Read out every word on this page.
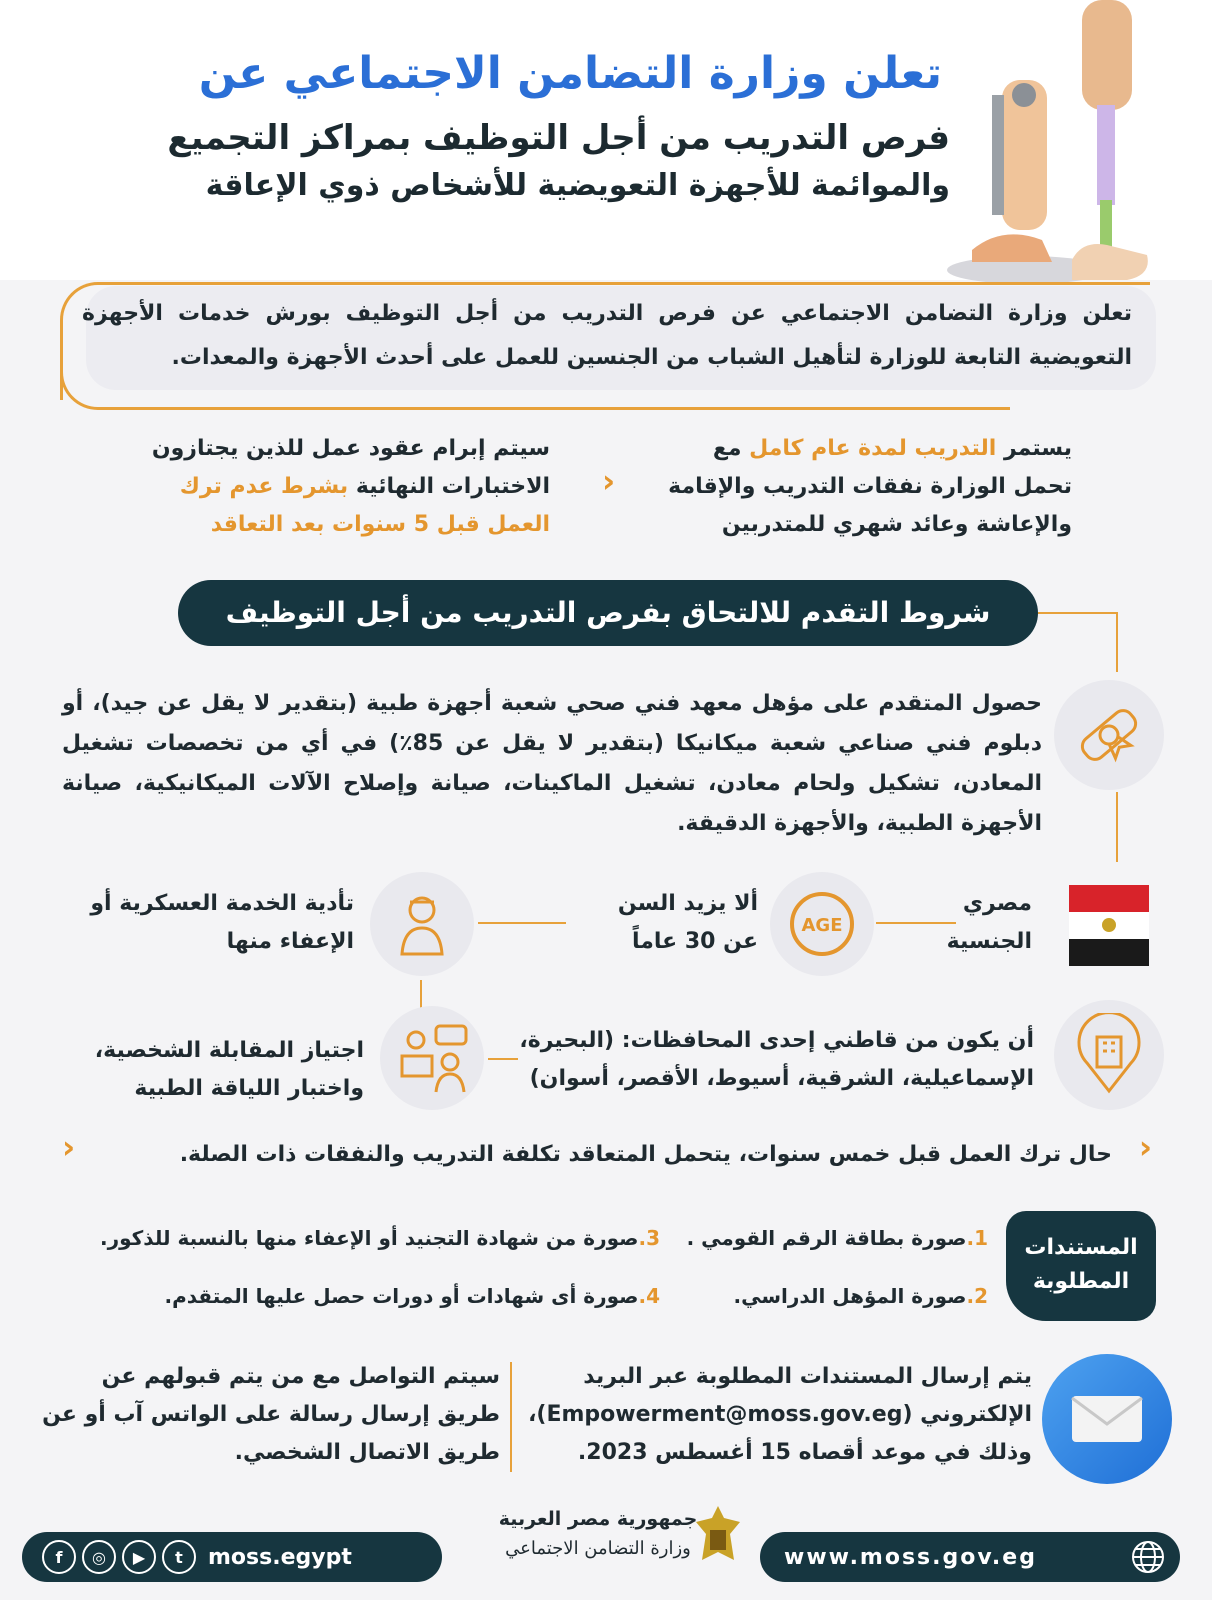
تعلن وزارة التضامن الاجتماعي عن
فرص التدريب من أجل التوظيف بمراكز التجميع
والموائمة للأجهزة التعويضية للأشخاص ذوي الإعاقة
تعلن وزارة التضامن الاجتماعي عن فرص التدريب من أجل التوظيف بورش خدمات الأجهزة التعويضية التابعة للوزارة لتأهيل الشباب من الجنسين للعمل على أحدث الأجهزة والمعدات.
يستمر التدريب لمدة عام كامل مع تحمل الوزارة نفقات التدريب والإقامة والإعاشة وعائد شهري للمتدربين
‹
سيتم إبرام عقود عمل للذين يجتازون الاختبارات النهائية بشرط عدم ترك العمل قبل 5 سنوات بعد التعاقد
شروط التقدم للالتحاق بفرص التدريب من أجل التوظيف
حصول المتقدم على مؤهل معهد فني صحي شعبة أجهزة طبية (بتقدير لا يقل عن جيد)، أو دبلوم فني صناعي شعبة ميكانيكا (بتقدير لا يقل عن 85٪) في أي من تخصصات تشغيل المعادن، تشكيل ولحام معادن، تشغيل الماكينات، صيانة وإصلاح الآلات الميكانيكية، صيانة الأجهزة الطبية، والأجهزة الدقيقة.
مصري الجنسية
AGE
ألا يزيد السن عن 30 عاماً
تأدية الخدمة العسكرية أو الإعفاء منها
أن يكون من قاطني إحدى المحافظات: (البحيرة، الإسماعيلية، الشرقية، أسيوط، الأقصر، أسوان)
اجتياز المقابلة الشخصية، واختبار اللياقة الطبية
‹
حال ترك العمل قبل خمس سنوات، يتحمل المتعاقد تكلفة التدريب والنفقات ذات الصلة.
‹
المستندات المطلوبة
1.صورة بطاقة الرقم القومي .
2.صورة المؤهل الدراسي.
3.صورة من شهادة التجنيد أو الإعفاء منها بالنسبة للذكور.
4.صورة أى شهادات أو دورات حصل عليها المتقدم.
يتم إرسال المستندات المطلوبة عبر البريد الإلكتروني (Empowerment@moss.gov.eg)، وذلك في موعد أقصاه 15 أغسطس 2023.
سيتم التواصل مع من يتم قبولهم عن طريق إرسال رسالة على الواتس آب أو عن طريق الاتصال الشخصي.
f	◎	▶	t	moss.egypt
جمهورية مصر العربية
وزارة التضامن الاجتماعي	www.moss.gov.eg
